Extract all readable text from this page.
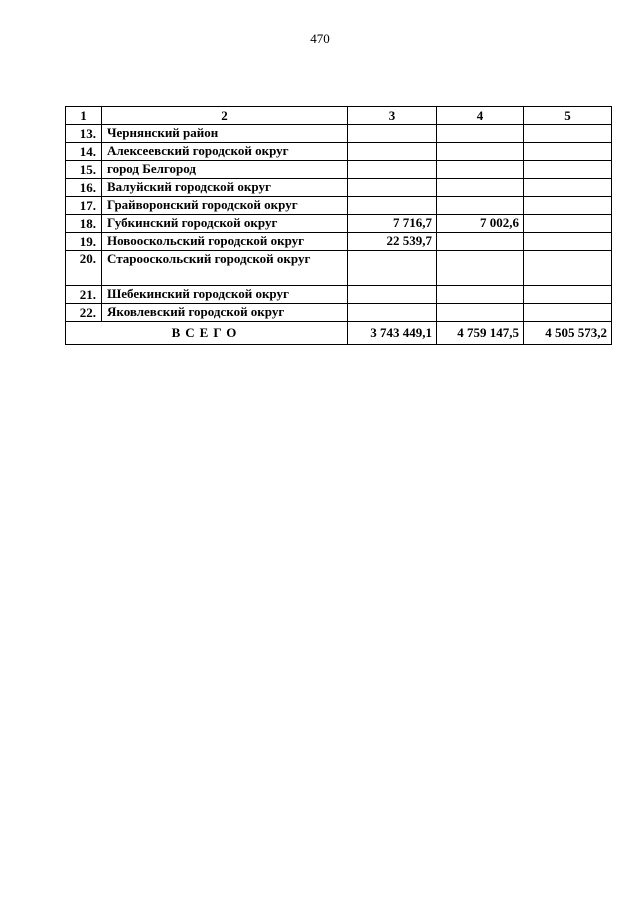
470
1	2	3	4	5
13.	Чернянский район			
14.	Алексеевский городской округ			
15.	город Белгород			
16.	Валуйский городской округ			
17.	Грайворонский городской округ			
18.	Губкинский городской округ	7 716,7	7 002,6	
19.	Новооскольский городской округ	22 539,7		
20.	Старооскольский городской округ			
21.	Шебекинский городской округ			
22.	Яковлевский городской округ			
ВСЕГО		3 743 449,1	4 759 147,5	4 505 573,2
